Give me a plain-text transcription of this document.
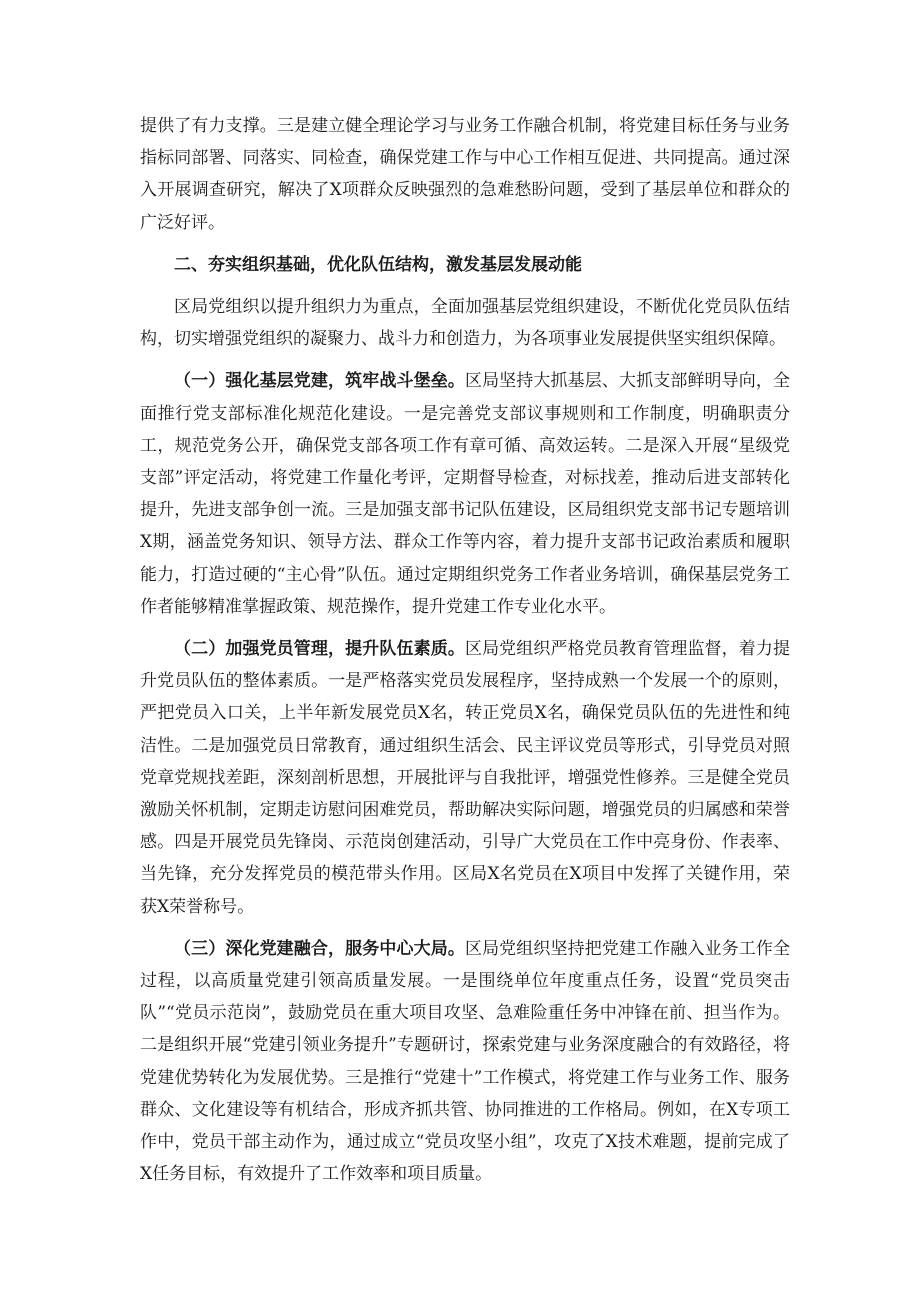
提供了有力支撑。三是建立健全理论学习与业务工作融合机制，将党建目标任务与业务指标同部署、同落实、同检查，确保党建工作与中心工作相互促进、共同提高。通过深入开展调查研究，解决了X项群众反映强烈的急难愁盼问题，受到了基层单位和群众的广泛好评。

二、夯实组织基础，优化队伍结构，激发基层发展动能

区局党组织以提升组织力为重点，全面加强基层党组织建设，不断优化党员队伍结构，切实增强党组织的凝聚力、战斗力和创造力，为各项事业发展提供坚实组织保障。

（一）强化基层党建，筑牢战斗堡垒。区局坚持大抓基层、大抓支部鲜明导向，全面推行党支部标准化规范化建设。一是完善党支部议事规则和工作制度，明确职责分工，规范党务公开，确保党支部各项工作有章可循、高效运转。二是深入开展“星级党支部”评定活动，将党建工作量化考评，定期督导检查，对标找差，推动后进支部转化提升，先进支部争创一流。三是加强支部书记队伍建设，区局组织党支部书记专题培训X期，涵盖党务知识、领导方法、群众工作等内容，着力提升支部书记政治素质和履职能力，打造过硬的“主心骨”队伍。通过定期组织党务工作者业务培训，确保基层党务工作者能够精准掌握政策、规范操作，提升党建工作专业化水平。

（二）加强党员管理，提升队伍素质。区局党组织严格党员教育管理监督，着力提升党员队伍的整体素质。一是严格落实党员发展程序，坚持成熟一个发展一个的原则，严把党员入口关，上半年新发展党员X名，转正党员X名，确保党员队伍的先进性和纯洁性。二是加强党员日常教育，通过组织生活会、民主评议党员等形式，引导党员对照党章党规找差距，深刻剖析思想，开展批评与自我批评，增强党性修养。三是健全党员激励关怀机制，定期走访慰问困难党员，帮助解决实际问题，增强党员的归属感和荣誉感。四是开展党员先锋岗、示范岗创建活动，引导广大党员在工作中亮身份、作表率、当先锋，充分发挥党员的模范带头作用。区局X名党员在X项目中发挥了关键作用，荣获X荣誉称号。

（三）深化党建融合，服务中心大局。区局党组织坚持把党建工作融入业务工作全过程，以高质量党建引领高质量发展。一是围绕单位年度重点任务，设置“党员突击队”“党员示范岗”，鼓励党员在重大项目攻坚、急难险重任务中冲锋在前、担当作为。二是组织开展“党建引领业务提升”专题研讨，探索党建与业务深度融合的有效路径，将党建优势转化为发展优势。三是推行“党建十”工作模式，将党建工作与业务工作、服务群众、文化建设等有机结合，形成齐抓共管、协同推进的工作格局。例如，在X专项工作中，党员干部主动作为，通过成立“党员攻坚小组”，攻克了X技术难题，提前完成了X任务目标，有效提升了工作效率和项目质量。
